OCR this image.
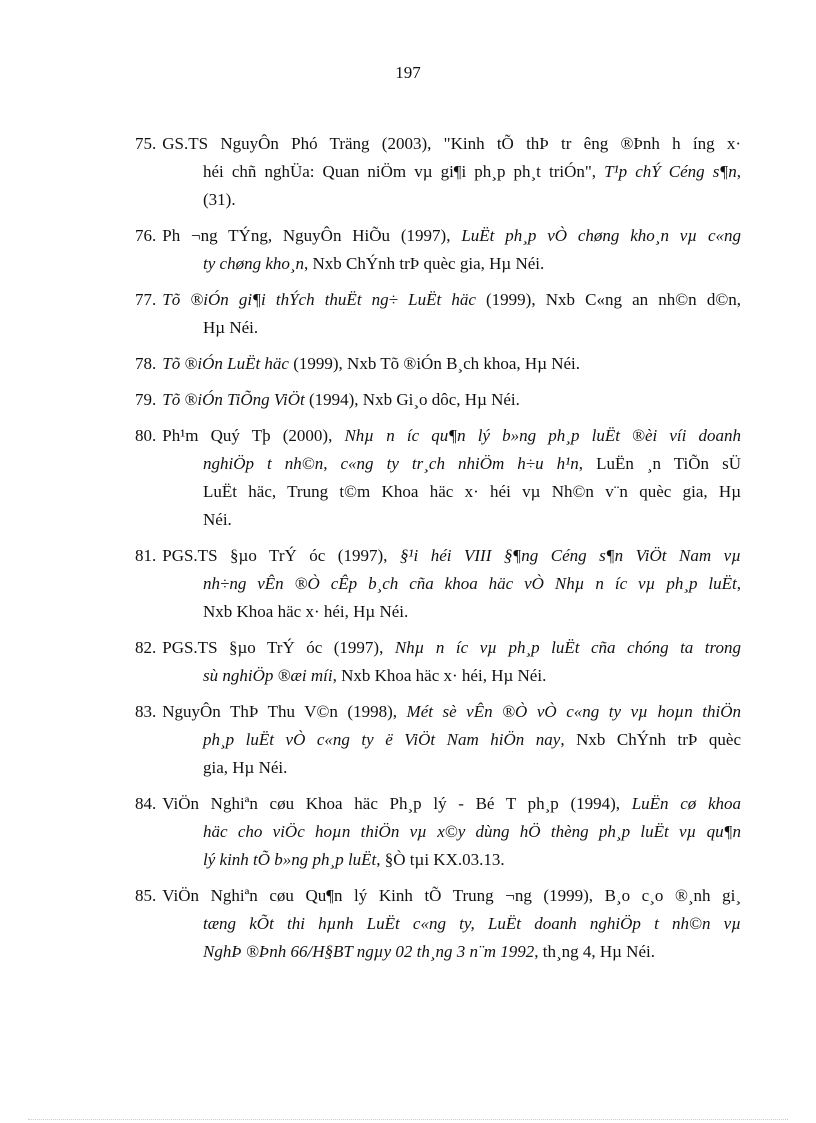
197
75. GS.TS NguyÔn Phó Träng (2003), "Kinh tÕ thÞ tr êng ®Þnh h íng x·
héi chñ nghÜa: Quan niÖm vµ gi¶i ph¸p ph¸t triÓn", T¹p chÝ Céng s¶n,
(31).
76. Ph ¬ng TÝng, NguyÔn HiÕu (1997), LuËt ph¸p vÒ chøng kho¸n vµ c«ng
ty chøng kho¸n, Nxb ChÝnh trÞ quèc gia, Hµ Néi.
77. Tõ ®iÓn gi¶i thÝch thuËt ng÷ LuËt häc (1999), Nxb C«ng an nh©n d©n,
Hµ Néi.
78. Tõ ®iÓn LuËt häc (1999), Nxb Tõ ®iÓn B¸ch khoa, Hµ Néi.
79. Tõ ®iÓn TiÕng ViÖt (1994), Nxb Gi¸o dôc, Hµ Néi.
80. Ph¹m Quý Tþ (2000), Nhµ n íc qu¶n lý b»ng ph¸p luËt ®èi víi doanh
nghiÖp t nh©n, c«ng ty tr¸ch nhiÖm h÷u h¹n, LuËn ¸n TiÕn sÜ
LuËt häc, Trung t©m Khoa häc x· héi vµ Nh©n v¨n quèc gia, Hµ
Néi.
81. PGS.TS §µo TrÝ óc (1997), §¹i héi VIII §¶ng Céng s¶n ViÖt Nam vµ
nh÷ng vÊn ®Ò cÊp b¸ch cña khoa häc vÒ Nhµ n íc vµ ph¸p luËt,
Nxb Khoa häc x· héi, Hµ Néi.
82. PGS.TS §µo TrÝ óc (1997), Nhµ n íc vµ ph¸p luËt cña chóng ta trong
sù nghiÖp ®æi míi, Nxb Khoa häc x· héi, Hµ Néi.
83. NguyÔn ThÞ Thu V©n (1998), Mét sè vÊn ®Ò vÒ c«ng ty vµ hoµn thiÖn
ph¸p luËt vÒ c«ng ty ë ViÖt Nam hiÖn nay, Nxb ChÝnh trÞ quèc
gia, Hµ Néi.
84. ViÖn Nghiªn cøu Khoa häc Ph¸p lý - Bé T ph¸p (1994), LuËn cø khoa
häc cho viÖc hoµn thiÖn vµ x©y dùng hÖ thèng ph¸p luËt vµ qu¶n
lý kinh tÕ b»ng ph¸p luËt, §Ò tµi KX.03.13.
85. ViÖn Nghiªn cøu Qu¶n lý Kinh tÕ Trung ¬ng (1999), B¸o c¸o ®¸nh gi¸
tæng kÕt thi hµnh LuËt c«ng ty, LuËt doanh nghiÖp t nh©n vµ
NghÞ ®Þnh 66/H§BT ngµy 02 th¸ng 3 n¨m 1992, th¸ng 4, Hµ Néi.
